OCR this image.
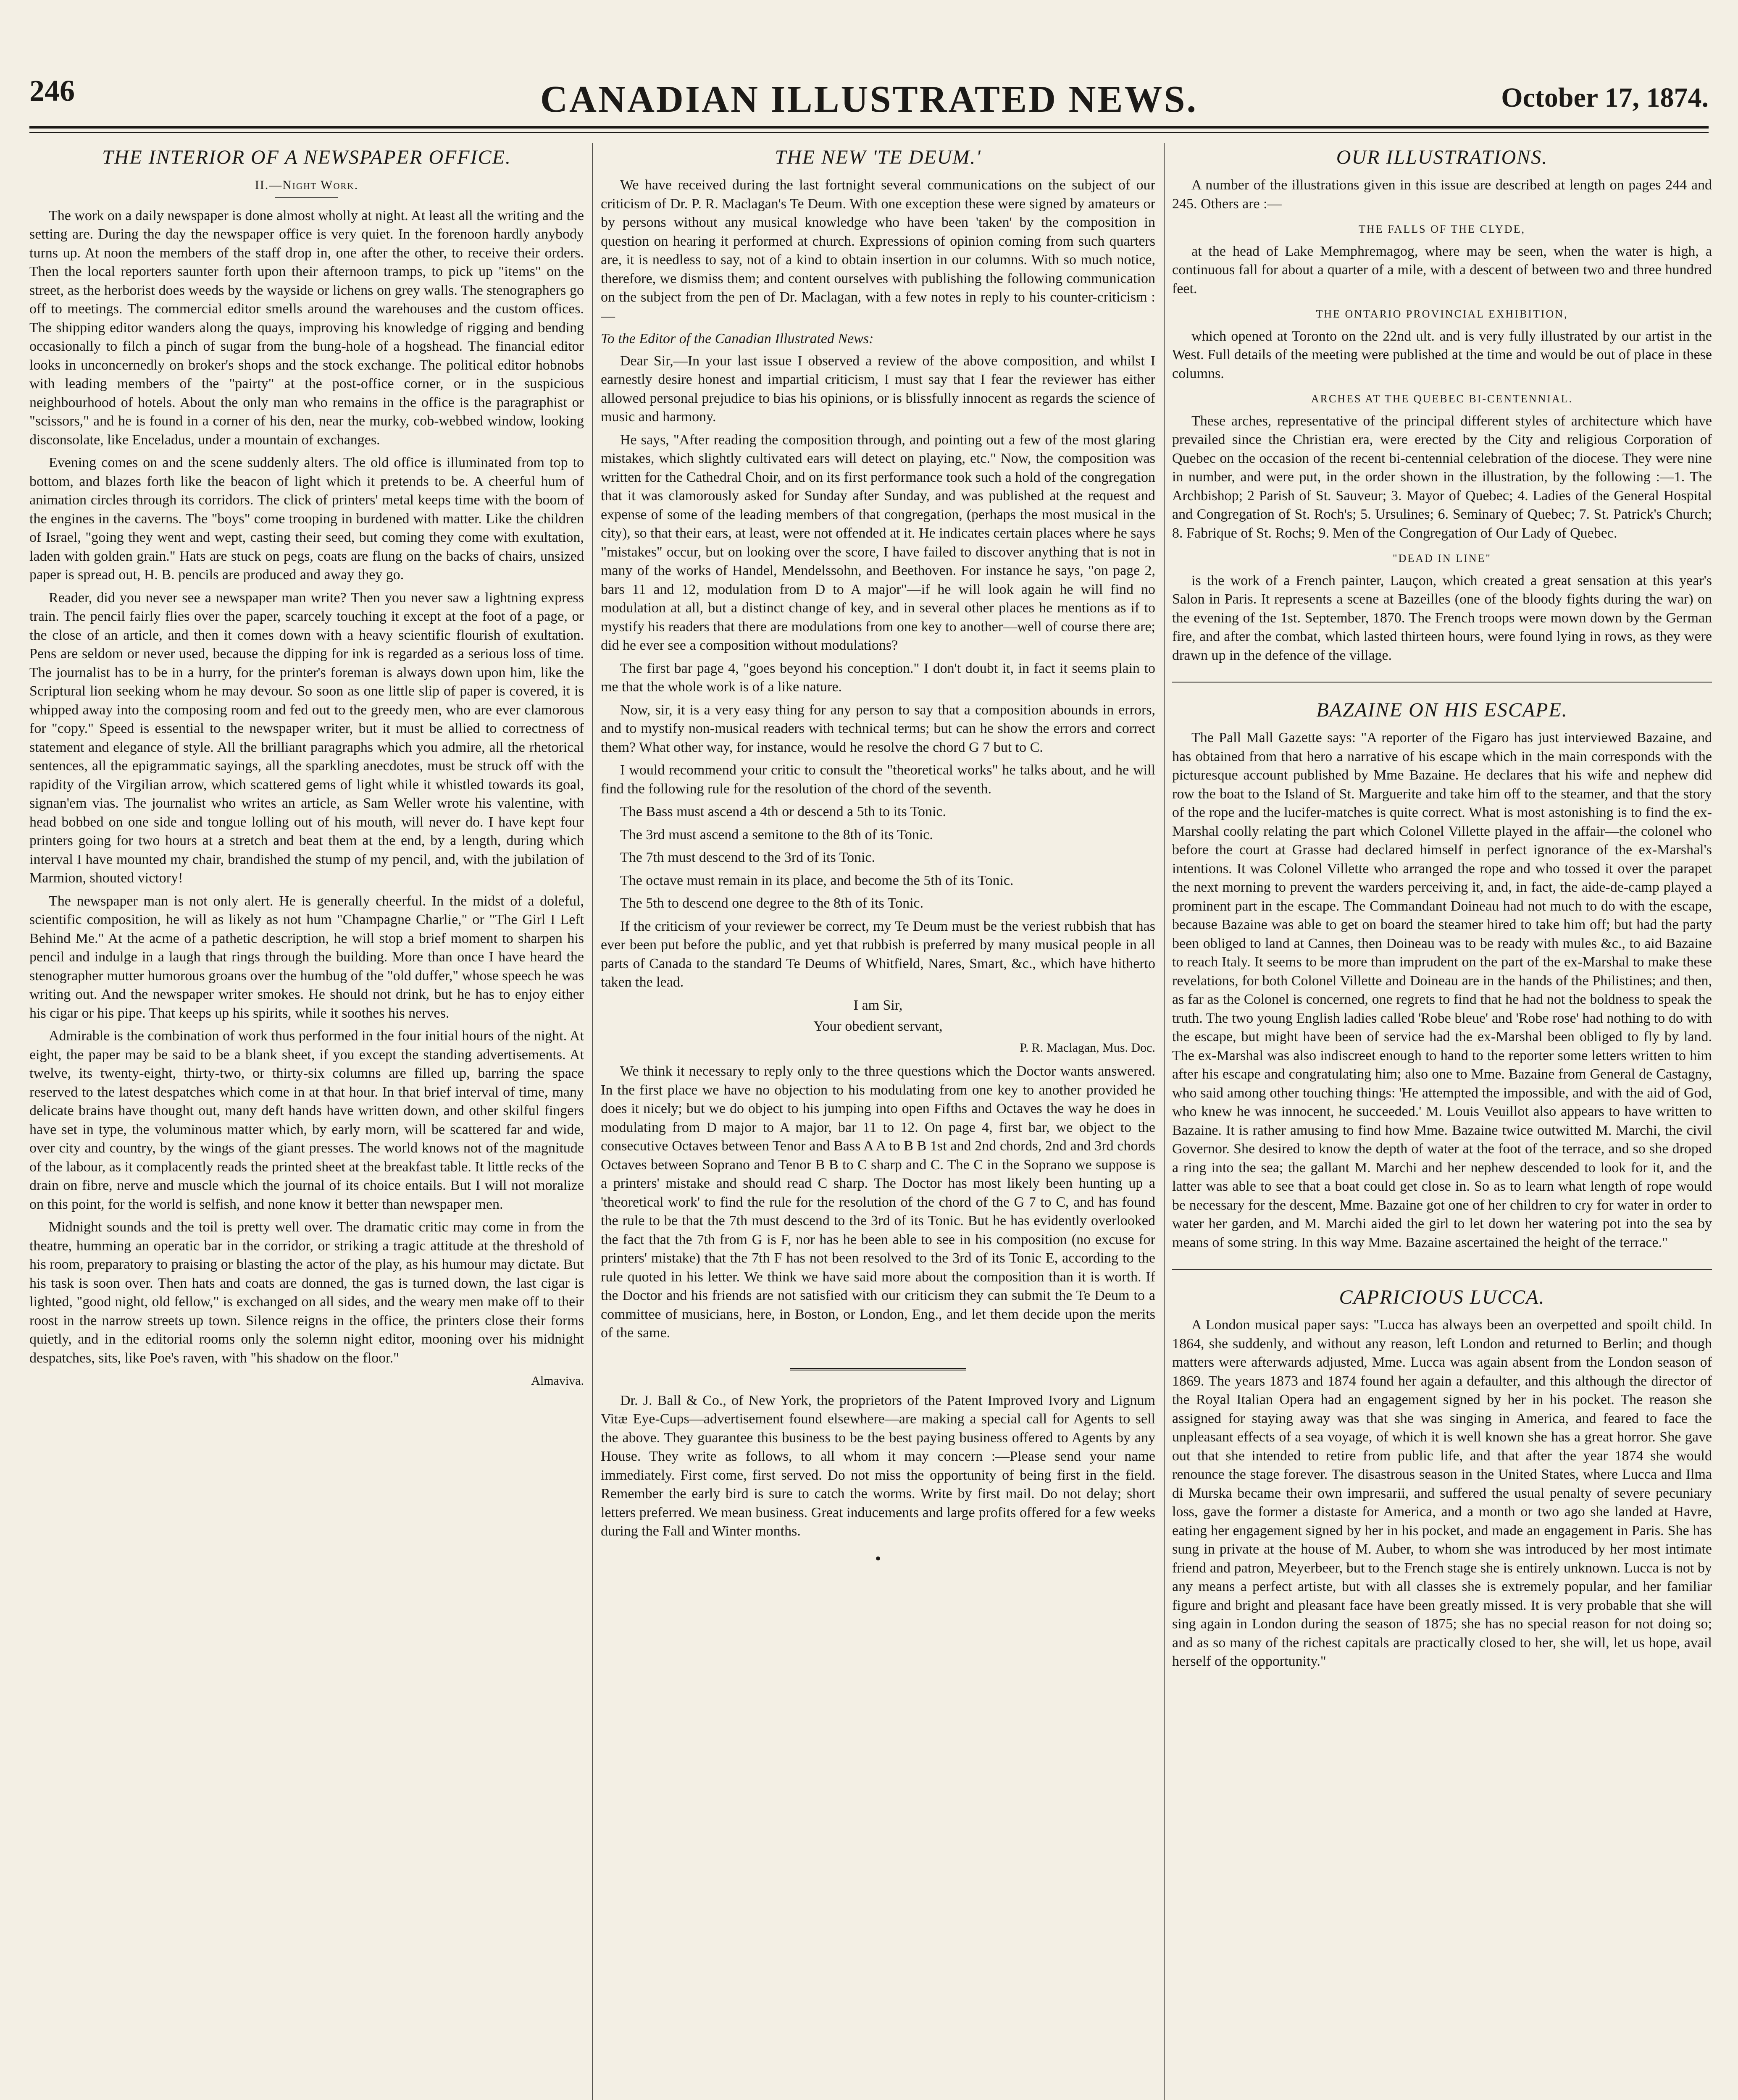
246	CANADIAN ILLUSTRATED NEWS.	October 17, 1874.
THE INTERIOR OF A NEWSPAPER OFFICE.
II.—Night Work.

The work on a daily newspaper is done almost wholly at night. At least all the writing and the setting are. During the day the newspaper office is very quiet. In the forenoon hardly anybody turns up. At noon the members of the staff drop in, one after the other, to receive their orders. Then the local reporters saunter forth upon their afternoon tramps, to pick up "items" on the street, as the herborist does weeds by the wayside or lichens on grey walls. The stenographers go off to meetings. The commercial editor smells around the warehouses and the custom offices. The shipping editor wanders along the quays, improving his knowledge of rigging and bending occasionally to filch a pinch of sugar from the bung-hole of a hogshead. The financial editor looks in unconcernedly on broker's shops and the stock exchange. The political editor hobnobs with leading members of the "pairty" at the post-office corner, or in the suspicious neighbourhood of hotels. About the only man who remains in the office is the paragraphist or "scissors," and he is found in a corner of his den, near the murky, cob-webbed window, looking disconsolate, like Enceladus, under a mountain of exchanges.

Evening comes on and the scene suddenly alters. The old office is illuminated from top to bottom, and blazes forth like the beacon of light which it pretends to be. A cheerful hum of animation circles through its corridors. The click of printers' metal keeps time with the boom of the engines in the caverns. The "boys" come trooping in burdened with matter. Like the children of Israel, "going they went and wept, casting their seed, but coming they come with exultation, laden with golden grain." Hats are stuck on pegs, coats are flung on the backs of chairs, unsized paper is spread out, H. B. pencils are produced and away they go.

Reader, did you never see a newspaper man write? Then you never saw a lightning express train. The pencil fairly flies over the paper, scarcely touching it except at the foot of a page, or the close of an article, and then it comes down with a heavy scientific flourish of exultation. Pens are seldom or never used, because the dipping for ink is regarded as a serious loss of time. The journalist has to be in a hurry, for the printer's foreman is always down upon him, like the Scriptural lion seeking whom he may devour. So soon as one little slip of paper is covered, it is whipped away into the composing room and fed out to the greedy men, who are ever clamorous for "copy." Speed is essential to the newspaper writer, but it must be allied to correctness of statement and elegance of style. All the brilliant paragraphs which you admire, all the rhetorical sentences, all the epigrammatic sayings, all the sparkling anecdotes, must be struck off with the rapidity of the Virgilian arrow, which scattered gems of light while it whistled towards its goal, signan'em vias. The journalist who writes an article, as Sam Weller wrote his valentine, with head bobbed on one side and tongue lolling out of his mouth, will never do. I have kept four printers going for two hours at a stretch and beat them at the end, by a length, during which interval I have mounted my chair, brandished the stump of my pencil, and, with the jubilation of Marmion, shouted victory!

The newspaper man is not only alert. He is generally cheerful. In the midst of a doleful, scientific composition, he will as likely as not hum "Champagne Charlie," or "The Girl I Left Behind Me." At the acme of a pathetic description, he will stop a brief moment to sharpen his pencil and indulge in a laugh that rings through the building. More than once I have heard the stenographer mutter humorous groans over the humbug of the "old duffer," whose speech he was writing out. And the newspaper writer smokes. He should not drink, but he has to enjoy either his cigar or his pipe. That keeps up his spirits, while it soothes his nerves.

Admirable is the combination of work thus performed in the four initial hours of the night. At eight, the paper may be said to be a blank sheet, if you except the standing advertisements. At twelve, its twenty-eight, thirty-two, or thirty-six columns are filled up, barring the space reserved to the latest despatches which come in at that hour. In that brief interval of time, many delicate brains have thought out, many deft hands have written down, and other skilful fingers have set in type, the voluminous matter which, by early morn, will be scattered far and wide, over city and country, by the wings of the giant presses. The world knows not of the magnitude of the labour, as it complacently reads the printed sheet at the breakfast table. It little recks of the drain on fibre, nerve and muscle which the journal of its choice entails. But I will not moralize on this point, for the world is selfish, and none know it better than newspaper men.

Midnight sounds and the toil is pretty well over. The dramatic critic may come in from the theatre, humming an operatic bar in the corridor, or striking a tragic attitude at the threshold of his room, preparatory to praising or blasting the actor of the play, as his humour may dictate. But his task is soon over. Then hats and coats are donned, the gas is turned down, the last cigar is lighted, "good night, old fellow," is exchanged on all sides, and the weary men make off to their roost in the narrow streets up town. Silence reigns in the office, the printers close their forms quietly, and in the editorial rooms only the solemn night editor, mooning over his midnight despatches, sits, like Poe's raven, with "his shadow on the floor."

Almaviva.
THE NEW 'TE DEUM.'

We have received during the last fortnight several communications on the subject of our criticism of Dr. P. R. Maclagan's Te Deum. With one exception these were signed by amateurs or by persons without any musical knowledge who have been 'taken' by the composition in question on hearing it performed at church. Expressions of opinion coming from such quarters are, it is needless to say, not of a kind to obtain insertion in our columns. With so much notice, therefore, we dismiss them; and content ourselves with publishing the following communication on the subject from the pen of Dr. Maclagan, with a few notes in reply to his counter-criticism :—

To the Editor of the Canadian Illustrated News:

Dear Sir,—In your last issue I observed a review of the above composition, and whilst I earnestly desire honest and impartial criticism, I must say that I fear the reviewer has either allowed personal prejudice to bias his opinions, or is blissfully innocent as regards the science of music and harmony.

He says, "After reading the composition through, and pointing out a few of the most glaring mistakes, which slightly cultivated ears will detect on playing, etc." Now, the composition was written for the Cathedral Choir, and on its first performance took such a hold of the congregation that it was clamorously asked for Sunday after Sunday, and was published at the request and expense of some of the leading members of that congregation, (perhaps the most musical in the city), so that their ears, at least, were not offended at it. He indicates certain places where he says "mistakes" occur, but on looking over the score, I have failed to discover anything that is not in many of the works of Handel, Mendelssohn, and Beethoven. For instance he says, "on page 2, bars 11 and 12, modulation from D to A major"—if he will look again he will find no modulation at all, but a distinct change of key, and in several other places he mentions as if to mystify his readers that there are modulations from one key to another—well of course there are; did he ever see a composition without modulations?

The first bar page 4, "goes beyond his conception." I don't doubt it, in fact it seems plain to me that the whole work is of a like nature.

Now, sir, it is a very easy thing for any person to say that a composition abounds in errors, and to mystify non-musical readers with technical terms; but can he show the errors and correct them? What other way, for instance, would he resolve the chord G 7 but to C.

I would recommend your critic to consult the "theoretical works" he talks about, and he will find the following rule for the resolution of the chord of the seventh.

The Bass must ascend a 4th or descend a 5th to its Tonic.

The 3rd must ascend a semitone to the 8th of its Tonic.

The 7th must descend to the 3rd of its Tonic.

The octave must remain in its place, and become the 5th of its Tonic.

The 5th to descend one degree to the 8th of its Tonic.

If the criticism of your reviewer be correct, my Te Deum must be the veriest rubbish that has ever been put before the public, and yet that rubbish is preferred by many musical people in all parts of Canada to the standard Te Deums of Whitfield, Nares, Smart, &c., which have hitherto taken the lead.

I am Sir,

Your obedient servant,

P. R. Maclagan, Mus. Doc.

We think it necessary to reply only to the three questions which the Doctor wants answered. In the first place we have no objection to his modulating from one key to another provided he does it nicely; but we do object to his jumping into open Fifths and Octaves the way he does in modulating from D major to A major, bar 11 to 12. On page 4, first bar, we object to the consecutive Octaves between Tenor and Bass A A to B B 1st and 2nd chords, 2nd and 3rd chords Octaves between Soprano and Tenor B B to C sharp and C. The C in the Soprano we suppose is a printers' mistake and should read C sharp. The Doctor has most likely been hunting up a 'theoretical work' to find the rule for the resolution of the chord of the G 7 to C, and has found the rule to be that the 7th must descend to the 3rd of its Tonic. But he has evidently overlooked the fact that the 7th from G is F, nor has he been able to see in his composition (no excuse for printers' mistake) that the 7th F has not been resolved to the 3rd of its Tonic E, according to the rule quoted in his letter. We think we have said more about the composition than it is worth. If the Doctor and his friends are not satisfied with our criticism they can submit the Te Deum to a committee of musicians, here, in Boston, or London, Eng., and let them decide upon the merits of the same.

Dr. J. Ball & Co., of New York, the proprietors of the Patent Improved Ivory and Lignum Vitæ Eye-Cups—advertisement found elsewhere—are making a special call for Agents to sell the above. They guarantee this business to be the best paying business offered to Agents by any House. They write as follows, to all whom it may concern :—Please send your name immediately. First come, first served. Do not miss the opportunity of being first in the field. Remember the early bird is sure to catch the worms. Write by first mail. Do not delay; short letters preferred. We mean business. Great inducements and large profits offered for a few weeks during the Fall and Winter months.

•
OUR ILLUSTRATIONS.

A number of the illustrations given in this issue are described at length on pages 244 and 245. Others are :—

THE FALLS OF THE CLYDE,

at the head of Lake Memphremagog, where may be seen, when the water is high, a continuous fall for about a quarter of a mile, with a descent of between two and three hundred feet.

THE ONTARIO PROVINCIAL EXHIBITION,

which opened at Toronto on the 22nd ult. and is very fully illustrated by our artist in the West. Full details of the meeting were published at the time and would be out of place in these columns.

ARCHES AT THE QUEBEC BI-CENTENNIAL.

These arches, representative of the principal different styles of architecture which have prevailed since the Christian era, were erected by the City and religious Corporation of Quebec on the occasion of the recent bi-centennial celebration of the diocese. They were nine in number, and were put, in the order shown in the illustration, by the following :—1. The Archbishop; 2 Parish of St. Sauveur; 3. Mayor of Quebec; 4. Ladies of the General Hospital and Congregation of St. Roch's; 5. Ursulines; 6. Seminary of Quebec; 7. St. Patrick's Church; 8. Fabrique of St. Rochs; 9. Men of the Congregation of Our Lady of Quebec.

"DEAD IN LINE"

is the work of a French painter, Lauçon, which created a great sensation at this year's Salon in Paris. It represents a scene at Bazeilles (one of the bloody fights during the war) on the evening of the 1st. September, 1870. The French troops were mown down by the German fire, and after the combat, which lasted thirteen hours, were found lying in rows, as they were drawn up in the defence of the village.

BAZAINE ON HIS ESCAPE.

The Pall Mall Gazette says: "A reporter of the Figaro has just interviewed Bazaine, and has obtained from that hero a narrative of his escape which in the main corresponds with the picturesque account published by Mme Bazaine. He declares that his wife and nephew did row the boat to the Island of St. Marguerite and take him off to the steamer, and that the story of the rope and the lucifer-matches is quite correct. What is most astonishing is to find the ex-Marshal coolly relating the part which Colonel Villette played in the affair—the colonel who before the court at Grasse had declared himself in perfect ignorance of the ex-Marshal's intentions. It was Colonel Villette who arranged the rope and who tossed it over the parapet the next morning to prevent the warders perceiving it, and, in fact, the aide-de-camp played a prominent part in the escape. The Commandant Doineau had not much to do with the escape, because Bazaine was able to get on board the steamer hired to take him off; but had the party been obliged to land at Cannes, then Doineau was to be ready with mules &c., to aid Bazaine to reach Italy. It seems to be more than imprudent on the part of the ex-Marshal to make these revelations, for both Colonel Villette and Doineau are in the hands of the Philistines; and then, as far as the Colonel is concerned, one regrets to find that he had not the boldness to speak the truth. The two young English ladies called 'Robe bleue' and 'Robe rose' had nothing to do with the escape, but might have been of service had the ex-Marshal been obliged to fly by land. The ex-Marshal was also indiscreet enough to hand to the reporter some letters written to him after his escape and congratulating him; also one to Mme. Bazaine from General de Castagny, who said among other touching things: 'He attempted the impossible, and with the aid of God, who knew he was innocent, he succeeded.' M. Louis Veuillot also appears to have written to Bazaine. It is rather amusing to find how Mme. Bazaine twice outwitted M. Marchi, the civil Governor. She desired to know the depth of water at the foot of the terrace, and so she droped a ring into the sea; the gallant M. Marchi and her nephew descended to look for it, and the latter was able to see that a boat could get close in. So as to learn what length of rope would be necessary for the descent, Mme. Bazaine got one of her children to cry for water in order to water her garden, and M. Marchi aided the girl to let down her watering pot into the sea by means of some string. In this way Mme. Bazaine ascertained the height of the terrace."

CAPRICIOUS LUCCA.

A London musical paper says: "Lucca has always been an overpetted and spoilt child. In 1864, she suddenly, and without any reason, left London and returned to Berlin; and though matters were afterwards adjusted, Mme. Lucca was again absent from the London season of 1869. The years 1873 and 1874 found her again a defaulter, and this although the director of the Royal Italian Opera had an engagement signed by her in his pocket. The reason she assigned for staying away was that she was singing in America, and feared to face the unpleasant effects of a sea voyage, of which it is well known she has a great horror. She gave out that she intended to retire from public life, and that after the year 1874 she would renounce the stage forever. The disastrous season in the United States, where Lucca and Ilma di Murska became their own impresarii, and suffered the usual penalty of severe pecuniary loss, gave the former a distaste for America, and a month or two ago she landed at Havre, eating her engagement signed by her in his pocket, and made an engagement in Paris. She has sung in private at the house of M. Auber, to whom she was introduced by her most intimate friend and patron, Meyerbeer, but to the French stage she is entirely unknown. Lucca is not by any means a perfect artiste, but with all classes she is extremely popular, and her familiar figure and bright and pleasant face have been greatly missed. It is very probable that she will sing again in London during the season of 1875; she has no special reason for not doing so; and as so many of the richest capitals are practically closed to her, she will, let us hope, avail herself of the opportunity."
